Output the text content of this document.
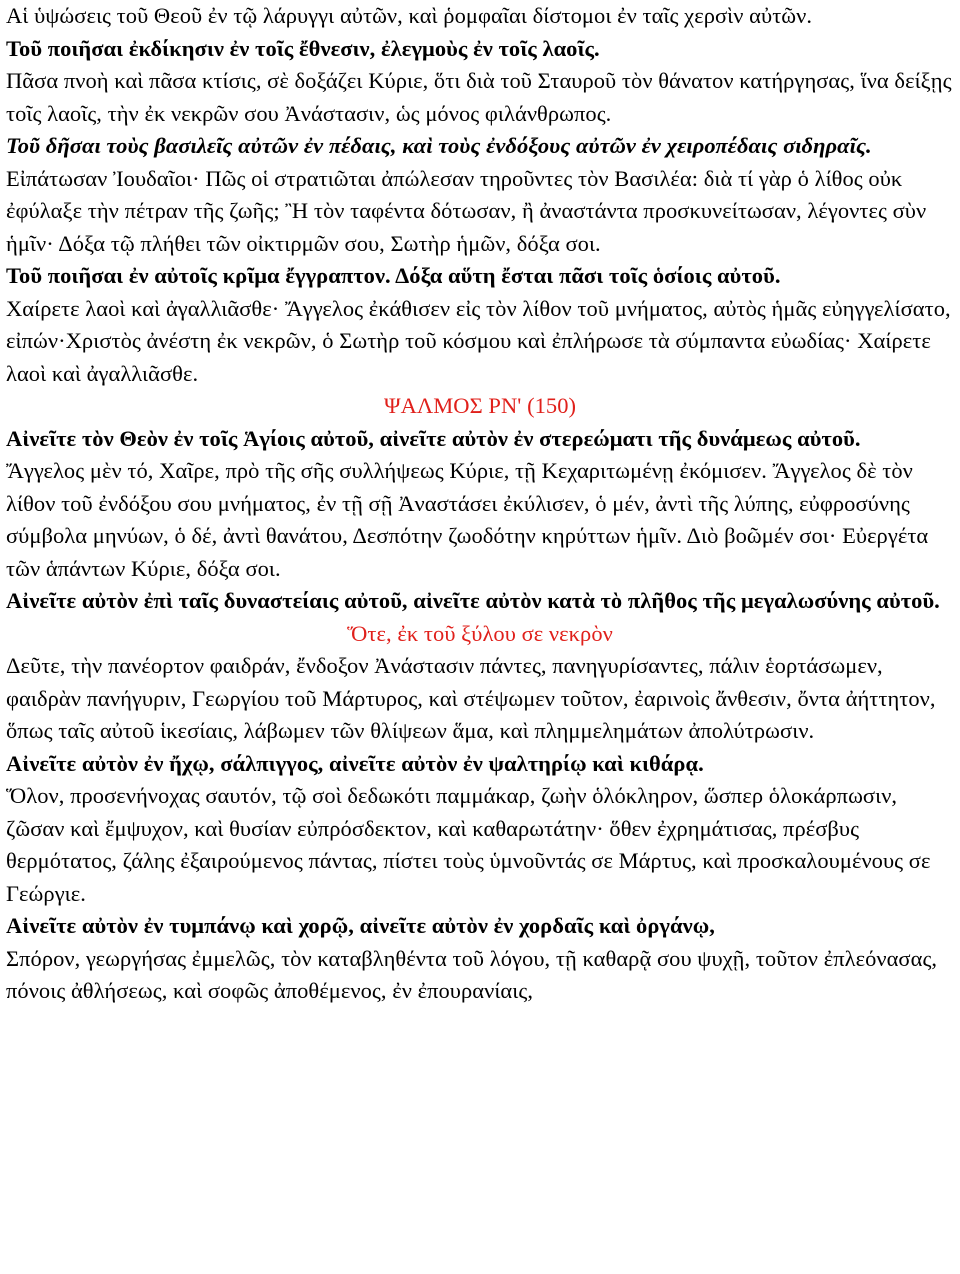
Αἱ ὑψώσεις τοῦ Θεοῦ ἐν τῷ λάρυγγι αὐτῶν, καὶ ῥομφαῖαι δίστομοι ἐν ταῖς χερσὶν αὐτῶν.

Τοῦ ποιῆσαι ἐκδίκησιν ἐν τοῖς ἔθνεσιν, ἐλεγμοὺς ἐν τοῖς λαοῖς.

Πᾶσα πνοὴ καὶ πᾶσα κτίσις, σὲ δοξάζει Κύριε, ὅτι διὰ τοῦ Σταυροῦ τὸν θάνατον κατήργησας, ἵνα δείξῃς τοῖς λαοῖς, τὴν ἐκ νεκρῶν σου Ἀνάστασιν, ὡς μόνος φιλάνθρωπος.

Τοῦ δῆσαι τοὺς βασιλεῖς αὐτῶν ἐν πέδαις, καὶ τοὺς ἐνδόξους αὐτῶν ἐν χειροπέδαις σιδηραῖς.

Εἰπάτωσαν Ἰουδαῖοι· Πῶς οἱ στρατιῶται ἀπώλεσαν τηροῦντες τὸν Βασιλέα: διὰ τί γὰρ ὁ λίθος οὐκ ἐφύλαξε τὴν πέτραν τῆς ζωῆς; Ἢ τὸν ταφέντα δότωσαν, ἢ ἀναστάντα προσκυνείτωσαν, λέγοντες σὺν ἡμῖν· Δόξα τῷ πλήθει τῶν οἰκτιρμῶν σου, Σωτὴρ ἡμῶν, δόξα σοι.

Τοῦ ποιῆσαι ἐν αὐτοῖς κρῖμα ἔγγραπτον. Δόξα αὕτη ἔσται πᾶσι τοῖς ὁσίοις αὐτοῦ.

Χαίρετε λαοὶ καὶ ἀγαλλιᾶσθε· Ἄγγελος ἐκάθισεν εἰς τὸν λίθον τοῦ μνήματος, αὐτὸς ἡμᾶς εὐηγγελίσατο, εἰπών·Χριστὸς ἀνέστη ἐκ νεκρῶν, ὁ Σωτὴρ τοῦ κόσμου καὶ ἐπλήρωσε τὰ σύμπαντα εὐωδίας· Χαίρετε λαοὶ καὶ ἀγαλλιᾶσθε.

ΨΑΛΜΟΣ ΡΝ' (150)

Αἰνεῖτε τὸν Θεὸν ἐν τοῖς Ἁγίοις αὐτοῦ, αἰνεῖτε αὐτὸν ἐν στερεώματι τῆς δυνάμεως αὐτοῦ.

Ἄγγελος μὲν τό, Χαῖρε, πρὸ τῆς σῆς συλλήψεως Κύριε, τῇ Κεχαριτωμένῃ ἐκόμισεν. Ἄγγελος δὲ τὸν λίθον τοῦ ἐνδόξου σου μνήματος, ἐν τῇ σῇ Ἀναστάσει ἐκύλισεν, ὁ μέν, ἀντὶ τῆς λύπης, εὐφροσύνης σύμβολα μηνύων, ὁ δέ, ἀντὶ θανάτου, Δεσπότην ζωοδότην κηρύττων ἡμῖν. Διὸ βοῶμέν σοι· Εὐεργέτα τῶν ἁπάντων Κύριε, δόξα σοι.

Αἰνεῖτε αὐτὸν ἐπὶ ταῖς δυναστείαις αὐτοῦ, αἰνεῖτε αὐτὸν κατὰ τὸ πλῆθος τῆς μεγαλωσύνης αὐτοῦ.

Ὅτε, ἐκ τοῦ ξύλου σε νεκρὸν

Δεῦτε, τὴν πανέορτον φαιδράν, ἔνδοξον Ἀνάστασιν πάντες, πανηγυρίσαντες, πάλιν ἑορτάσωμεν, φαιδρὰν πανήγυριν, Γεωργίου τοῦ Μάρτυρος, καὶ στέψωμεν τοῦτον, ἐαρινοὶς ἄνθεσιν, ὄντα ἀήττητον, ὅπως ταῖς αὐτοῦ ἱκεσίαις, λάβωμεν τῶν θλίψεων ἅμα, καὶ πλημμελημάτων ἀπολύτρωσιν.

Αἰνεῖτε αὐτὸν ἐν ἤχῳ, σάλπιγγος, αἰνεῖτε αὐτὸν ἐν ψαλτηρίῳ καὶ κιθάρᾳ.

Ὅλον, προσενήνοχας σαυτόν, τῷ σοὶ δεδωκότι παμμάκαρ, ζωὴν ὁλόκληρον, ὥσπερ ὁλοκάρπωσιν, ζῶσαν καὶ ἔμψυχον, καὶ θυσίαν εὐπρόσδεκτον, καὶ καθαρωτάτην· ὅθεν ἐχρημάτισας, πρέσβυς θερμότατος, ζάλης ἐξαιρούμενος πάντας, πίστει τοὺς ὑμνοῦντάς σε Μάρτυς, καὶ προσκαλουμένους σε Γεώργιε.

Αἰνεῖτε αὐτὸν ἐν τυμπάνῳ καὶ χορῷ, αἰνεῖτε αὐτὸν ἐν χορδαῖς καὶ ὀργάνῳ,

Σπόρον, γεωργήσας ἐμμελῶς, τὸν καταβληθέντα τοῦ λόγου, τῇ καθαρᾷ σου ψυχῇ, τοῦτον ἐπλεόνασας, πόνοις ἀθλήσεως, καὶ σοφῶς ἀποθέμενος, ἐν ἐπουρανίαις,
